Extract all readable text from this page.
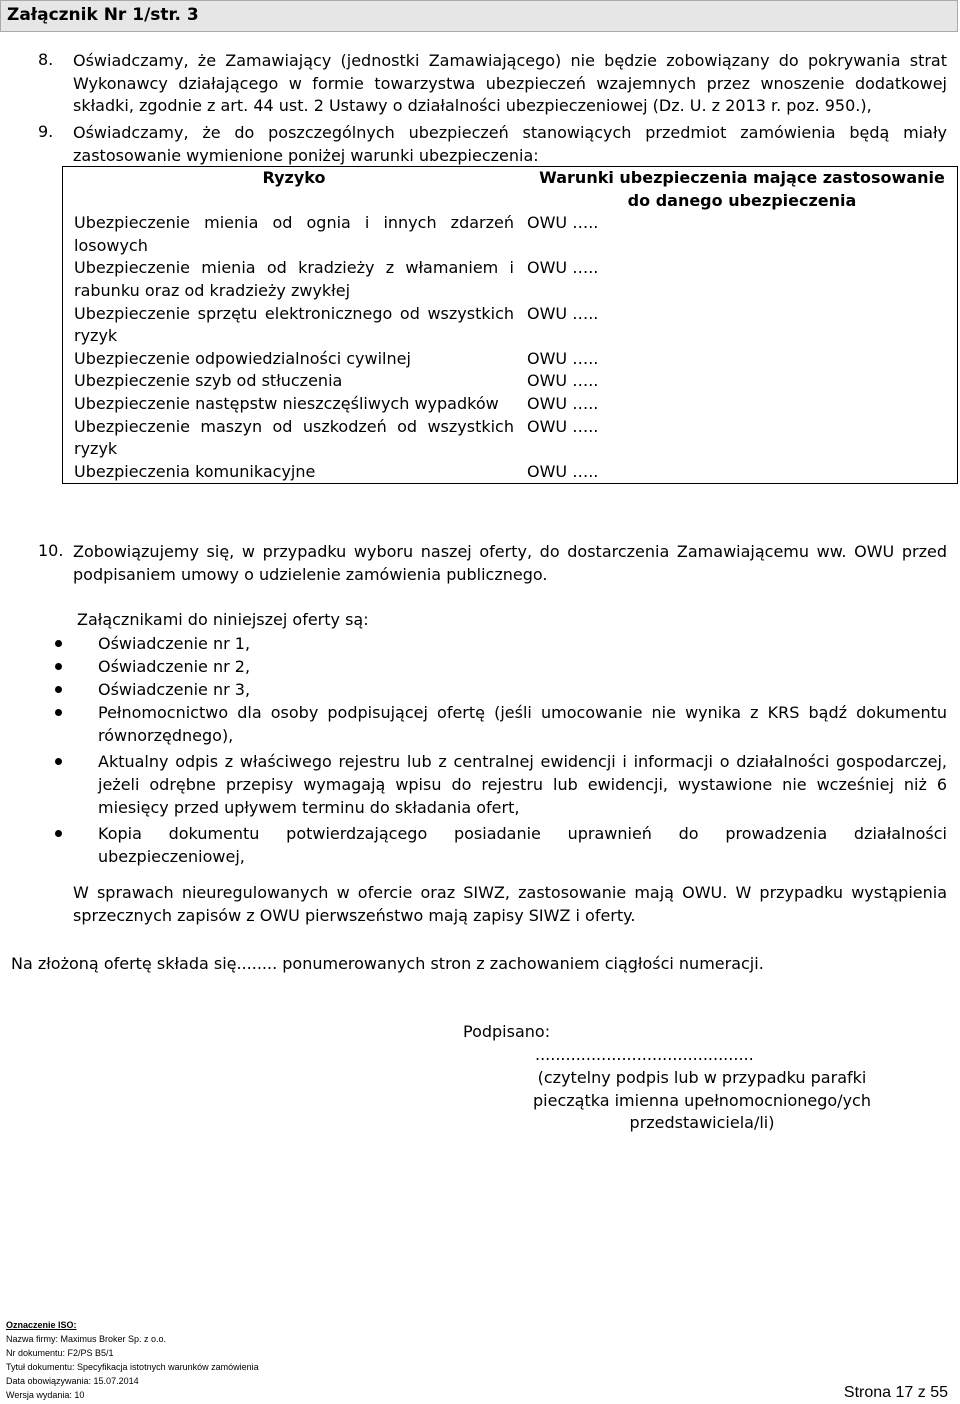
Załącznik Nr 1/str. 3
8. Oświadczamy, że Zamawiający (jednostki Zamawiającego) nie będzie zobowiązany do pokrywania strat Wykonawcy działającego w formie towarzystwa ubezpieczeń wzajemnych przez wnoszenie dodatkowej składki, zgodnie z art. 44 ust. 2 Ustawy o działalności ubezpieczeniowej (Dz. U. z 2013 r. poz. 950.),
9. Oświadczamy, że do poszczególnych ubezpieczeń stanowiących przedmiot zamówienia będą miały zastosowanie wymienione poniżej warunki ubezpieczenia:
Ryzyko	Warunki ubezpieczenia mające zastosowanie do danego ubezpieczenia
Ubezpieczenie mienia od ognia i innych zdarzeń losowych	OWU …..
Ubezpieczenie mienia od kradzieży z włamaniem i rabunku oraz od kradzieży zwykłej	OWU …..
Ubezpieczenie sprzętu elektronicznego od wszystkich ryzyk	OWU …..
Ubezpieczenie odpowiedzialności cywilnej	OWU …..
Ubezpieczenie szyb od stłuczenia	OWU …..
Ubezpieczenie następstw nieszczęśliwych wypadków	OWU …..
Ubezpieczenie maszyn od uszkodzeń od wszystkich ryzyk	OWU …..
Ubezpieczenia komunikacyjne	OWU …..
10. Zobowiązujemy się, w przypadku wyboru naszej oferty, do dostarczenia Zamawiającemu ww. OWU przed podpisaniem umowy o udzielenie zamówienia publicznego.
Załącznikami do niniejszej oferty są:
Oświadczenie nr 1,
Oświadczenie nr 2,
Oświadczenie nr 3,
Pełnomocnictwo dla osoby podpisującej ofertę (jeśli umocowanie nie wynika z KRS bądź dokumentu równorzędnego),
Aktualny odpis z właściwego rejestru lub z centralnej ewidencji i informacji o działalności gospodarczej, jeżeli odrębne przepisy wymagają wpisu do rejestru lub ewidencji, wystawione nie wcześniej niż 6 miesięcy przed upływem terminu do składania ofert,
Kopia dokumentu potwierdzającego posiadanie uprawnień do prowadzenia działalności ubezpieczeniowej,
W sprawach nieuregulowanych w ofercie oraz SIWZ, zastosowanie mają OWU. W przypadku wystąpienia sprzecznych zapisów z OWU pierwszeństwo mają zapisy SIWZ i oferty.
Na złożoną ofertę składa się........ ponumerowanych stron z zachowaniem ciągłości numeracji.
Podpisano:
...........................................
(czytelny podpis lub w przypadku parafki pieczątka imienna upełnomocnionego/ych przedstawiciela/li)
Oznaczenie ISO:
Nazwa firmy: Maximus Broker Sp. z o.o.
Nr dokumentu: F2/PS B5/1
Tytuł dokumentu: Specyfikacja istotnych warunków zamówienia
Data obowiązywania: 15.07.2014
Wersja wydania: 10	Strona 17 z 55
